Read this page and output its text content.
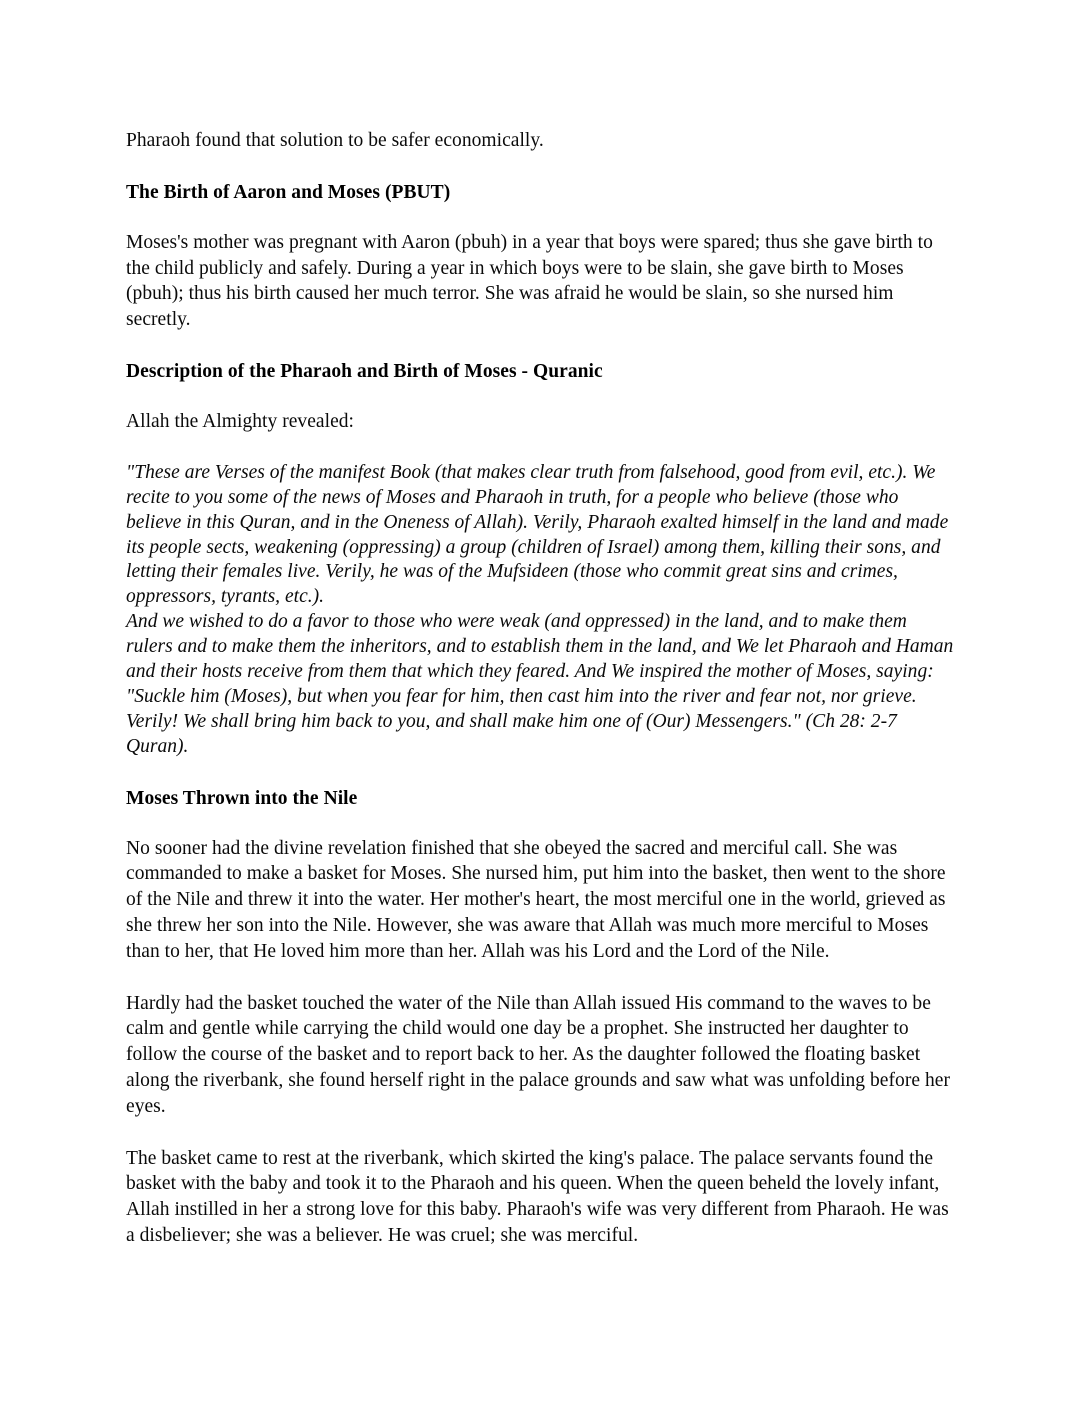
Pharaoh found that solution to be safer economically.

The Birth of Aaron and Moses (PBUT)

Moses's mother was pregnant with Aaron (pbuh) in a year that boys were spared; thus she gave birth to the child publicly and safely. During a year in which boys were to be slain, she gave birth to Moses (pbuh); thus his birth caused her much terror. She was afraid he would be slain, so she nursed him secretly.

Description of the Pharaoh and Birth of Moses - Quranic

Allah the Almighty revealed:

"These are Verses of the manifest Book (that makes clear truth from falsehood, good from evil, etc.). We recite to you some of the news of Moses and Pharaoh in truth, for a people who believe (those who believe in this Quran, and in the Oneness of Allah). Verily, Pharaoh exalted himself in the land and made its people sects, weakening (oppressing) a group (children of Israel) among them, killing their sons, and letting their females live. Verily, he was of the Mufsideen (those who commit great sins and crimes, oppressors, tyrants, etc.).

And we wished to do a favor to those who were weak (and oppressed) in the land, and to make them rulers and to make them the inheritors, and to establish them in the land, and We let Pharaoh and Haman and their hosts receive from them that which they feared. And We inspired the mother of Moses, saying: "Suckle him (Moses), but when you fear for him, then cast him into the river and fear not, nor grieve. Verily! We shall bring him back to you, and shall make him one of (Our) Messengers." (Ch 28: 2-7 Quran).

Moses Thrown into the Nile

No sooner had the divine revelation finished that she obeyed the sacred and merciful call. She was commanded to make a basket for Moses. She nursed him, put him into the basket, then went to the shore of the Nile and threw it into the water. Her mother's heart, the most merciful one in the world, grieved as she threw her son into the Nile. However, she was aware that Allah was much more merciful to Moses than to her, that He loved him more than her. Allah was his Lord and the Lord of the Nile.

Hardly had the basket touched the water of the Nile than Allah issued His command to the waves to be calm and gentle while carrying the child would one day be a prophet. She instructed her daughter to follow the course of the basket and to report back to her. As the daughter followed the floating basket along the riverbank, she found herself right in the palace grounds and saw what was unfolding before her eyes.

The basket came to rest at the riverbank, which skirted the king's palace. The palace servants found the basket with the baby and took it to the Pharaoh and his queen. When the queen beheld the lovely infant, Allah instilled in her a strong love for this baby. Pharaoh's wife was very different from Pharaoh. He was a disbeliever; she was a believer. He was cruel; she was merciful.
